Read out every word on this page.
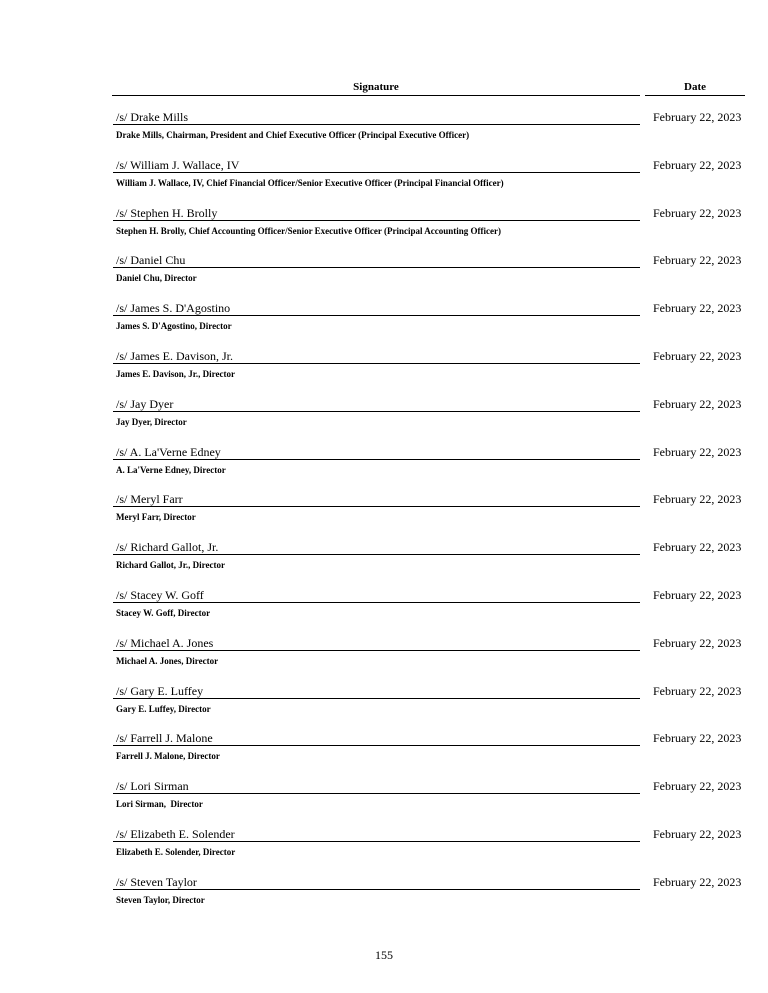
Signature	Date
/s/ Drake Mills	February 22, 2023
Drake Mills, Chairman, President and Chief Executive Officer (Principal Executive Officer)
/s/ William J. Wallace, IV	February 22, 2023
William J. Wallace, IV, Chief Financial Officer/Senior Executive Officer (Principal Financial Officer)
/s/ Stephen H. Brolly	February 22, 2023
Stephen H. Brolly, Chief Accounting Officer/Senior Executive Officer (Principal Accounting Officer)
/s/ Daniel Chu	February 22, 2023
Daniel Chu, Director
/s/ James S. D'Agostino	February 22, 2023
James S. D'Agostino, Director
/s/ James E. Davison, Jr.	February 22, 2023
James E. Davison, Jr., Director
/s/ Jay Dyer	February 22, 2023
Jay Dyer, Director
/s/ A. La'Verne Edney	February 22, 2023
A. La'Verne Edney, Director
/s/ Meryl Farr	February 22, 2023
Meryl Farr, Director
/s/ Richard Gallot, Jr.	February 22, 2023
Richard Gallot, Jr., Director
/s/ Stacey W. Goff	February 22, 2023
Stacey W. Goff, Director
/s/ Michael A. Jones	February 22, 2023
Michael A. Jones, Director
/s/ Gary E. Luffey	February 22, 2023
Gary E. Luffey, Director
/s/ Farrell J. Malone	February 22, 2023
Farrell J. Malone, Director
/s/ Lori Sirman	February 22, 2023
Lori Sirman,  Director
/s/ Elizabeth E. Solender	February 22, 2023
Elizabeth E. Solender, Director
/s/ Steven Taylor	February 22, 2023
Steven Taylor, Director
155
